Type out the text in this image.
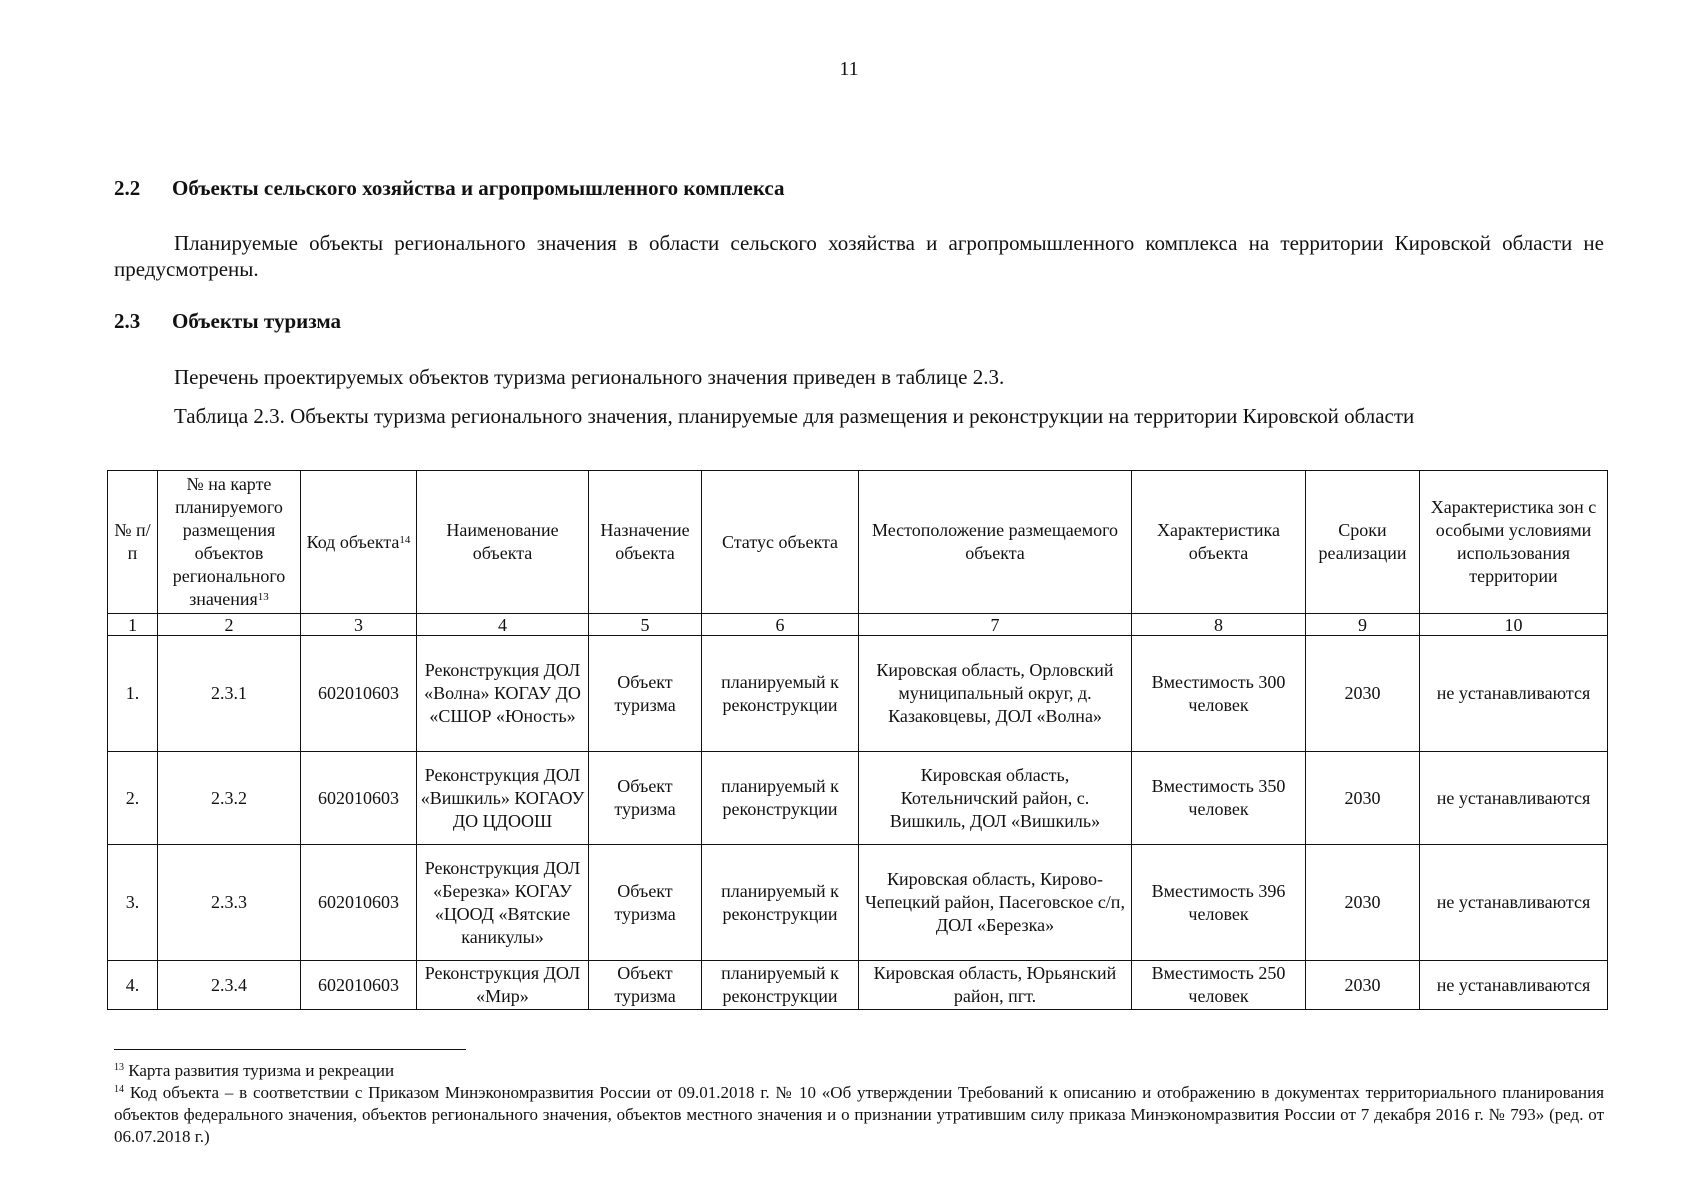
11
2.2 Объекты сельского хозяйства и агропромышленного комплекса
Планируемые объекты регионального значения в области сельского хозяйства и агропромышленного комплекса на территории Кировской области не предусмотрены.
2.3 Объекты туризма
Перечень проектируемых объектов туризма регионального значения приведен в таблице 2.3.
Таблица 2.3. Объекты туризма регионального значения, планируемые для размещения и реконструкции на территории Кировской области
№ п/п	№ на карте планируемого размещения объектов регионального значения$^{13}$	Код объекта$^{14}$	Наименование объекта	Назначение объекта	Статус объекта	Местоположение размещаемого объекта	Характеристика объекта	Сроки реализации	Характеристика зон с особыми условиями использования территории
1	2	3	4	5	6	7	8	9	10
1.	2.3.1	602010603	Реконструкция ДОЛ «Волна» КОГАУ ДО «СШОР «Юность»	Объект туризма	планируемый к реконструкции	Кировская область, Орловский муниципальный округ, д. Казаковцевы, ДОЛ «Волна»	Вместимость 300 человек	2030	не устанавливаются
2.	2.3.2	602010603	Реконструкция ДОЛ «Вишкиль» КОГАОУ ДО ЦДООШ	Объект туризма	планируемый к реконструкции	Кировская область, Котельничский район, с. Вишкиль, ДОЛ «Вишкиль»	Вместимость 350 человек	2030	не устанавливаются
3.	2.3.3	602010603	Реконструкция ДОЛ «Березка» КОГАУ «ЦООД «Вятские каникулы»	Объект туризма	планируемый к реконструкции	Кировская область, Кирово-Чепецкий район, Пасеговское с/п, ДОЛ «Березка»	Вместимость 396 человек	2030	не устанавливаются
4.	2.3.4	602010603	Реконструкция ДОЛ «Мир»	Объект туризма	планируемый к реконструкции	Кировская область, Юрьянский район, пгт.	Вместимость 250 человек	2030	не устанавливаются

$^{13}$ Карта развития туризма и рекреации

$^{14}$ Код объекта – в соответствии с Приказом Минэкономразвития России от 09.01.2018 г. № 10 «Об утверждении Требований к описанию и отображению в документах территориального планирования объектов федерального значения, объектов регионального значения, объектов местного значения и о признании утратившим силу приказа Минэкономразвития России от 7 декабря 2016 г. № 793» (ред. от 06.07.2018 г.)
